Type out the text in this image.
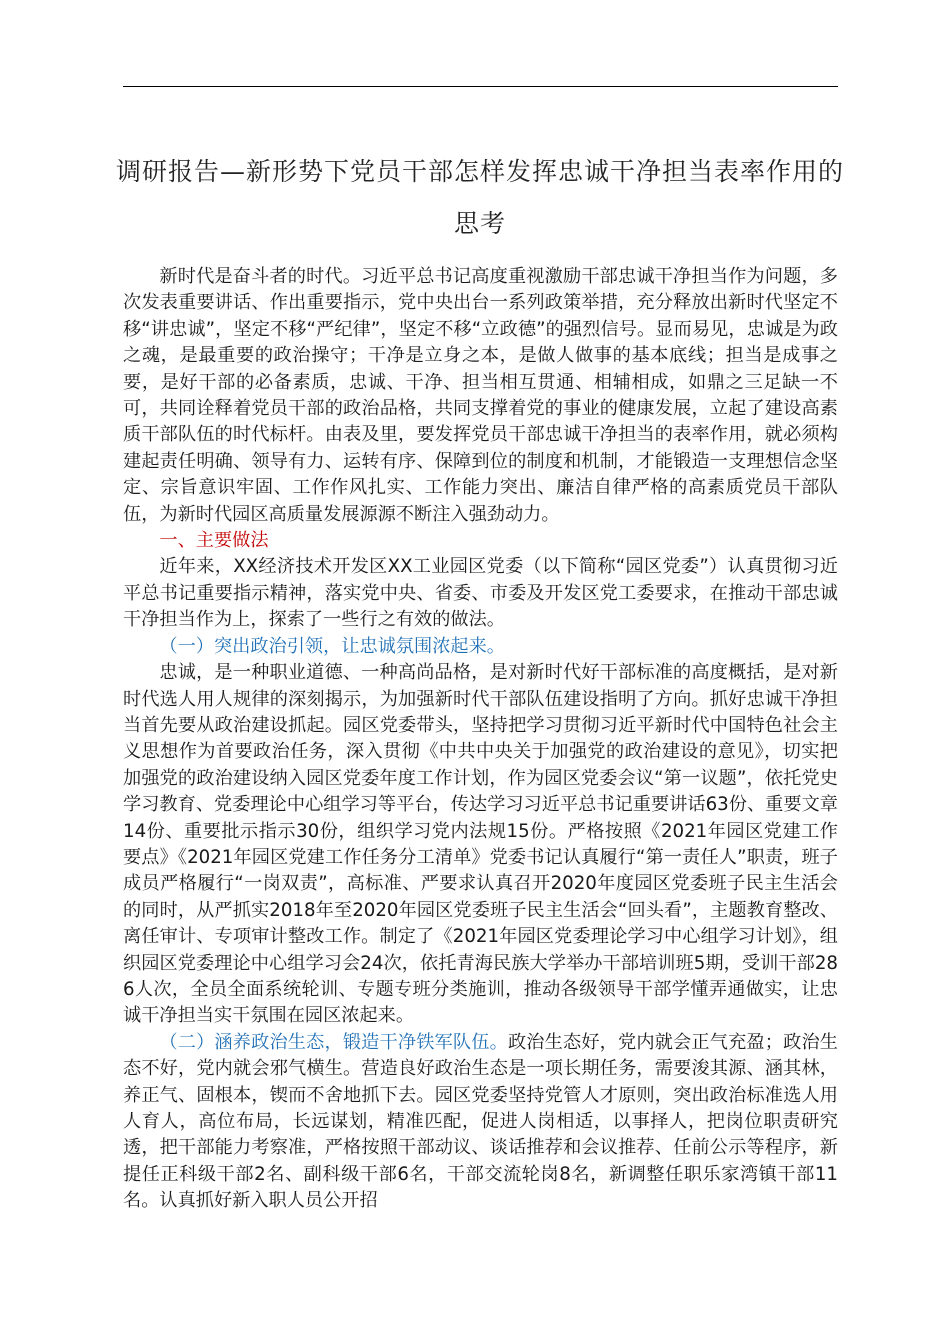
调研报告—新形势下党员干部怎样发挥忠诚干净担当表率作用的思考

新时代是奋斗者的时代。习近平总书记高度重视激励干部忠诚干净担当作为问题，多次发表重要讲话、作出重要指示，党中央出台一系列政策举措，充分释放出新时代坚定不移“讲忠诚”，坚定不移“严纪律”，坚定不移“立政德”的强烈信号。显而易见，忠诚是为政之魂，是最重要的政治操守；干净是立身之本，是做人做事的基本底线；担当是成事之要，是好干部的必备素质，忠诚、干净、担当相互贯通、相辅相成，如鼎之三足缺一不可，共同诠释着党员干部的政治品格，共同支撑着党的事业的健康发展，立起了建设高素质干部队伍的时代标杆。由表及里，要发挥党员干部忠诚干净担当的表率作用，就必须构建起责任明确、领导有力、运转有序、保障到位的制度和机制，才能锻造一支理想信念坚定、宗旨意识牢固、工作作风扎实、工作能力突出、廉洁自律严格的高素质党员干部队伍，为新时代园区高质量发展源源不断注入强劲动力。

一、主要做法

近年来，XX经济技术开发区XX工业园区党委（以下简称“园区党委”）认真贯彻习近平总书记重要指示精神，落实党中央、省委、市委及开发区党工委要求，在推动干部忠诚干净担当作为上，探索了一些行之有效的做法。

（一）突出政治引领，让忠诚氛围浓起来。

忠诚，是一种职业道德、一种高尚品格，是对新时代好干部标准的高度概括，是对新时代选人用人规律的深刻揭示，为加强新时代干部队伍建设指明了方向。抓好忠诚干净担当首先要从政治建设抓起。园区党委带头，坚持把学习贯彻习近平新时代中国特色社会主义思想作为首要政治任务，深入贯彻《中共中央关于加强党的政治建设的意见》，切实把加强党的政治建设纳入园区党委年度工作计划，作为园区党委会议“第一议题”，依托党史学习教育、党委理论中心组学习等平台，传达学习习近平总书记重要讲话63份、重要文章14份、重要批示指示30份，组织学习党内法规15份。严格按照《2021年园区党建工作要点》《2021年园区党建工作任务分工清单》党委书记认真履行“第一责任人”职责，班子成员严格履行“一岗双责”，高标准、严要求认真召开2020年度园区党委班子民主生活会的同时，从严抓实2018年至2020年园区党委班子民主生活会“回头看”，主题教育整改、离任审计、专项审计整改工作。制定了《2021年园区党委理论学习中心组学习计划》，组织园区党委理论中心组学习会24次，依托青海民族大学举办干部培训班5期，受训干部286人次，全员全面系统轮训、专题专班分类施训，推动各级领导干部学懂弄通做实，让忠诚干净担当实干氛围在园区浓起来。

（二）涵养政治生态，锻造干净铁军队伍。政治生态好，党内就会正气充盈；政治生态不好，党内就会邪气横生。营造良好政治生态是一项长期任务，需要浚其源、涵其林，养正气、固根本，锲而不舍地抓下去。园区党委坚持党管人才原则，突出政治标准选人用人育人，高位布局，长远谋划，精准匹配，促进人岗相适，以事择人，把岗位职责研究透，把干部能力考察准，严格按照干部动议、谈话推荐和会议推荐、任前公示等程序，新提任正科级干部2名、副科级干部6名，干部交流轮岗8名，新调整任职乐家湾镇干部11名。认真抓好新入职人员公开招
